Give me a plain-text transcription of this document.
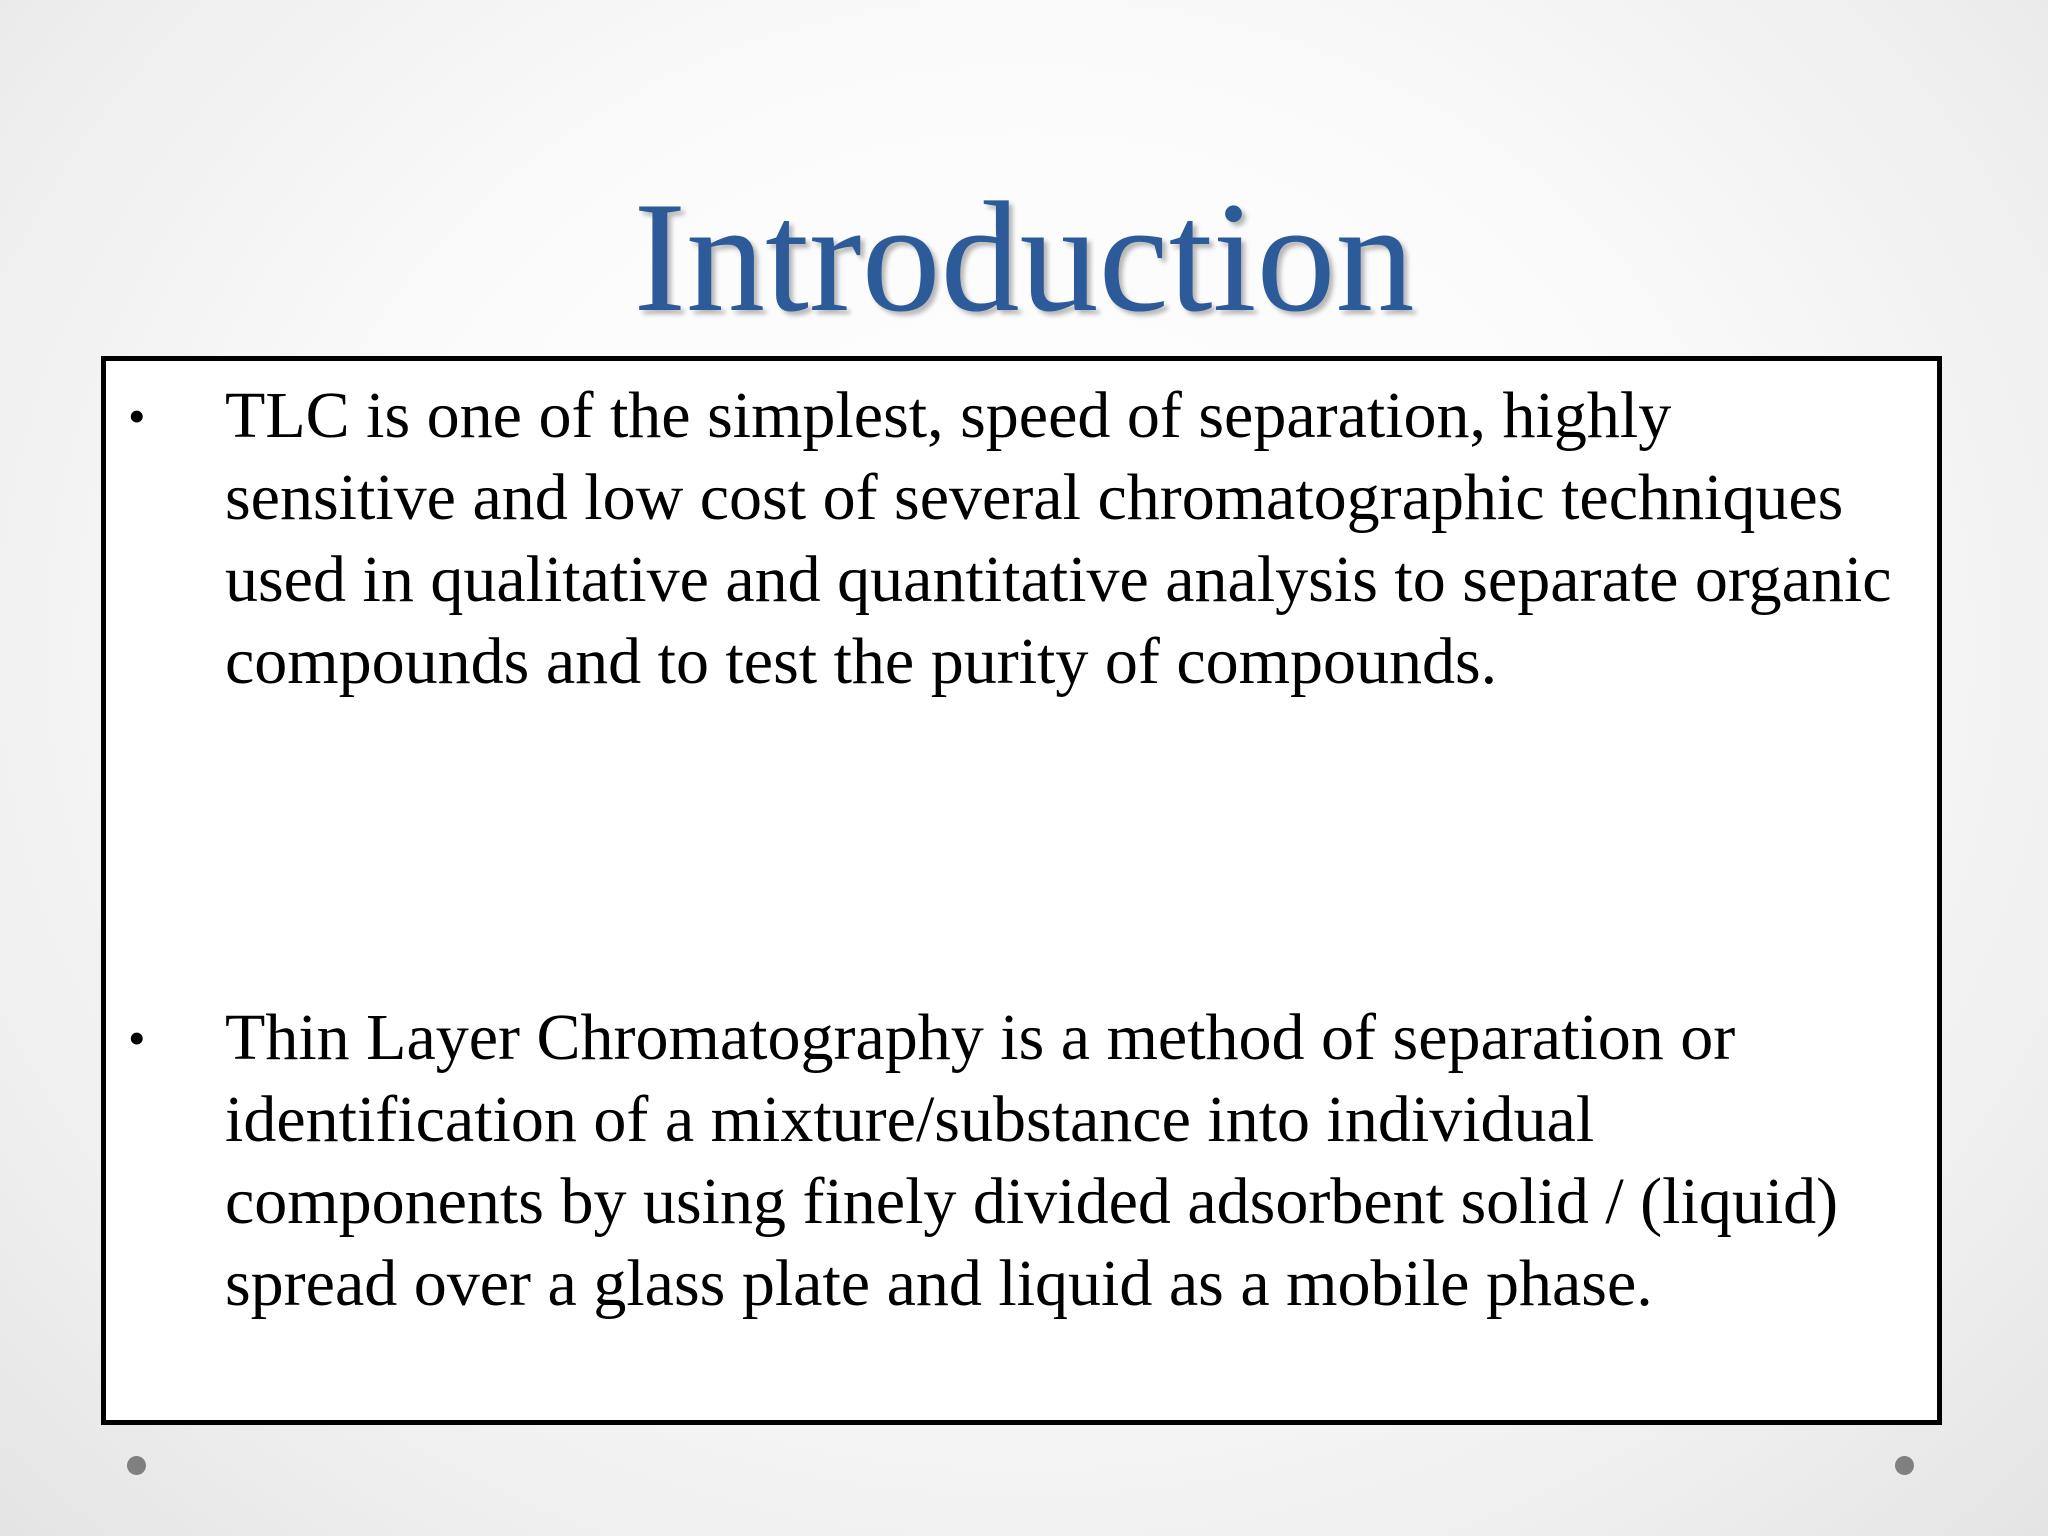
Introduction
•	TLC is one of the simplest, speed of separation, highly sensitive and low cost of several chromatographic techniques used in qualitative and quantitative analysis to separate organic compounds and to test the purity of compounds.

•	Thin Layer Chromatography is a method of separation or identification of a mixture/substance into individual components by using finely divided adsorbent solid / (liquid) spread over a glass plate and liquid as a mobile phase.
